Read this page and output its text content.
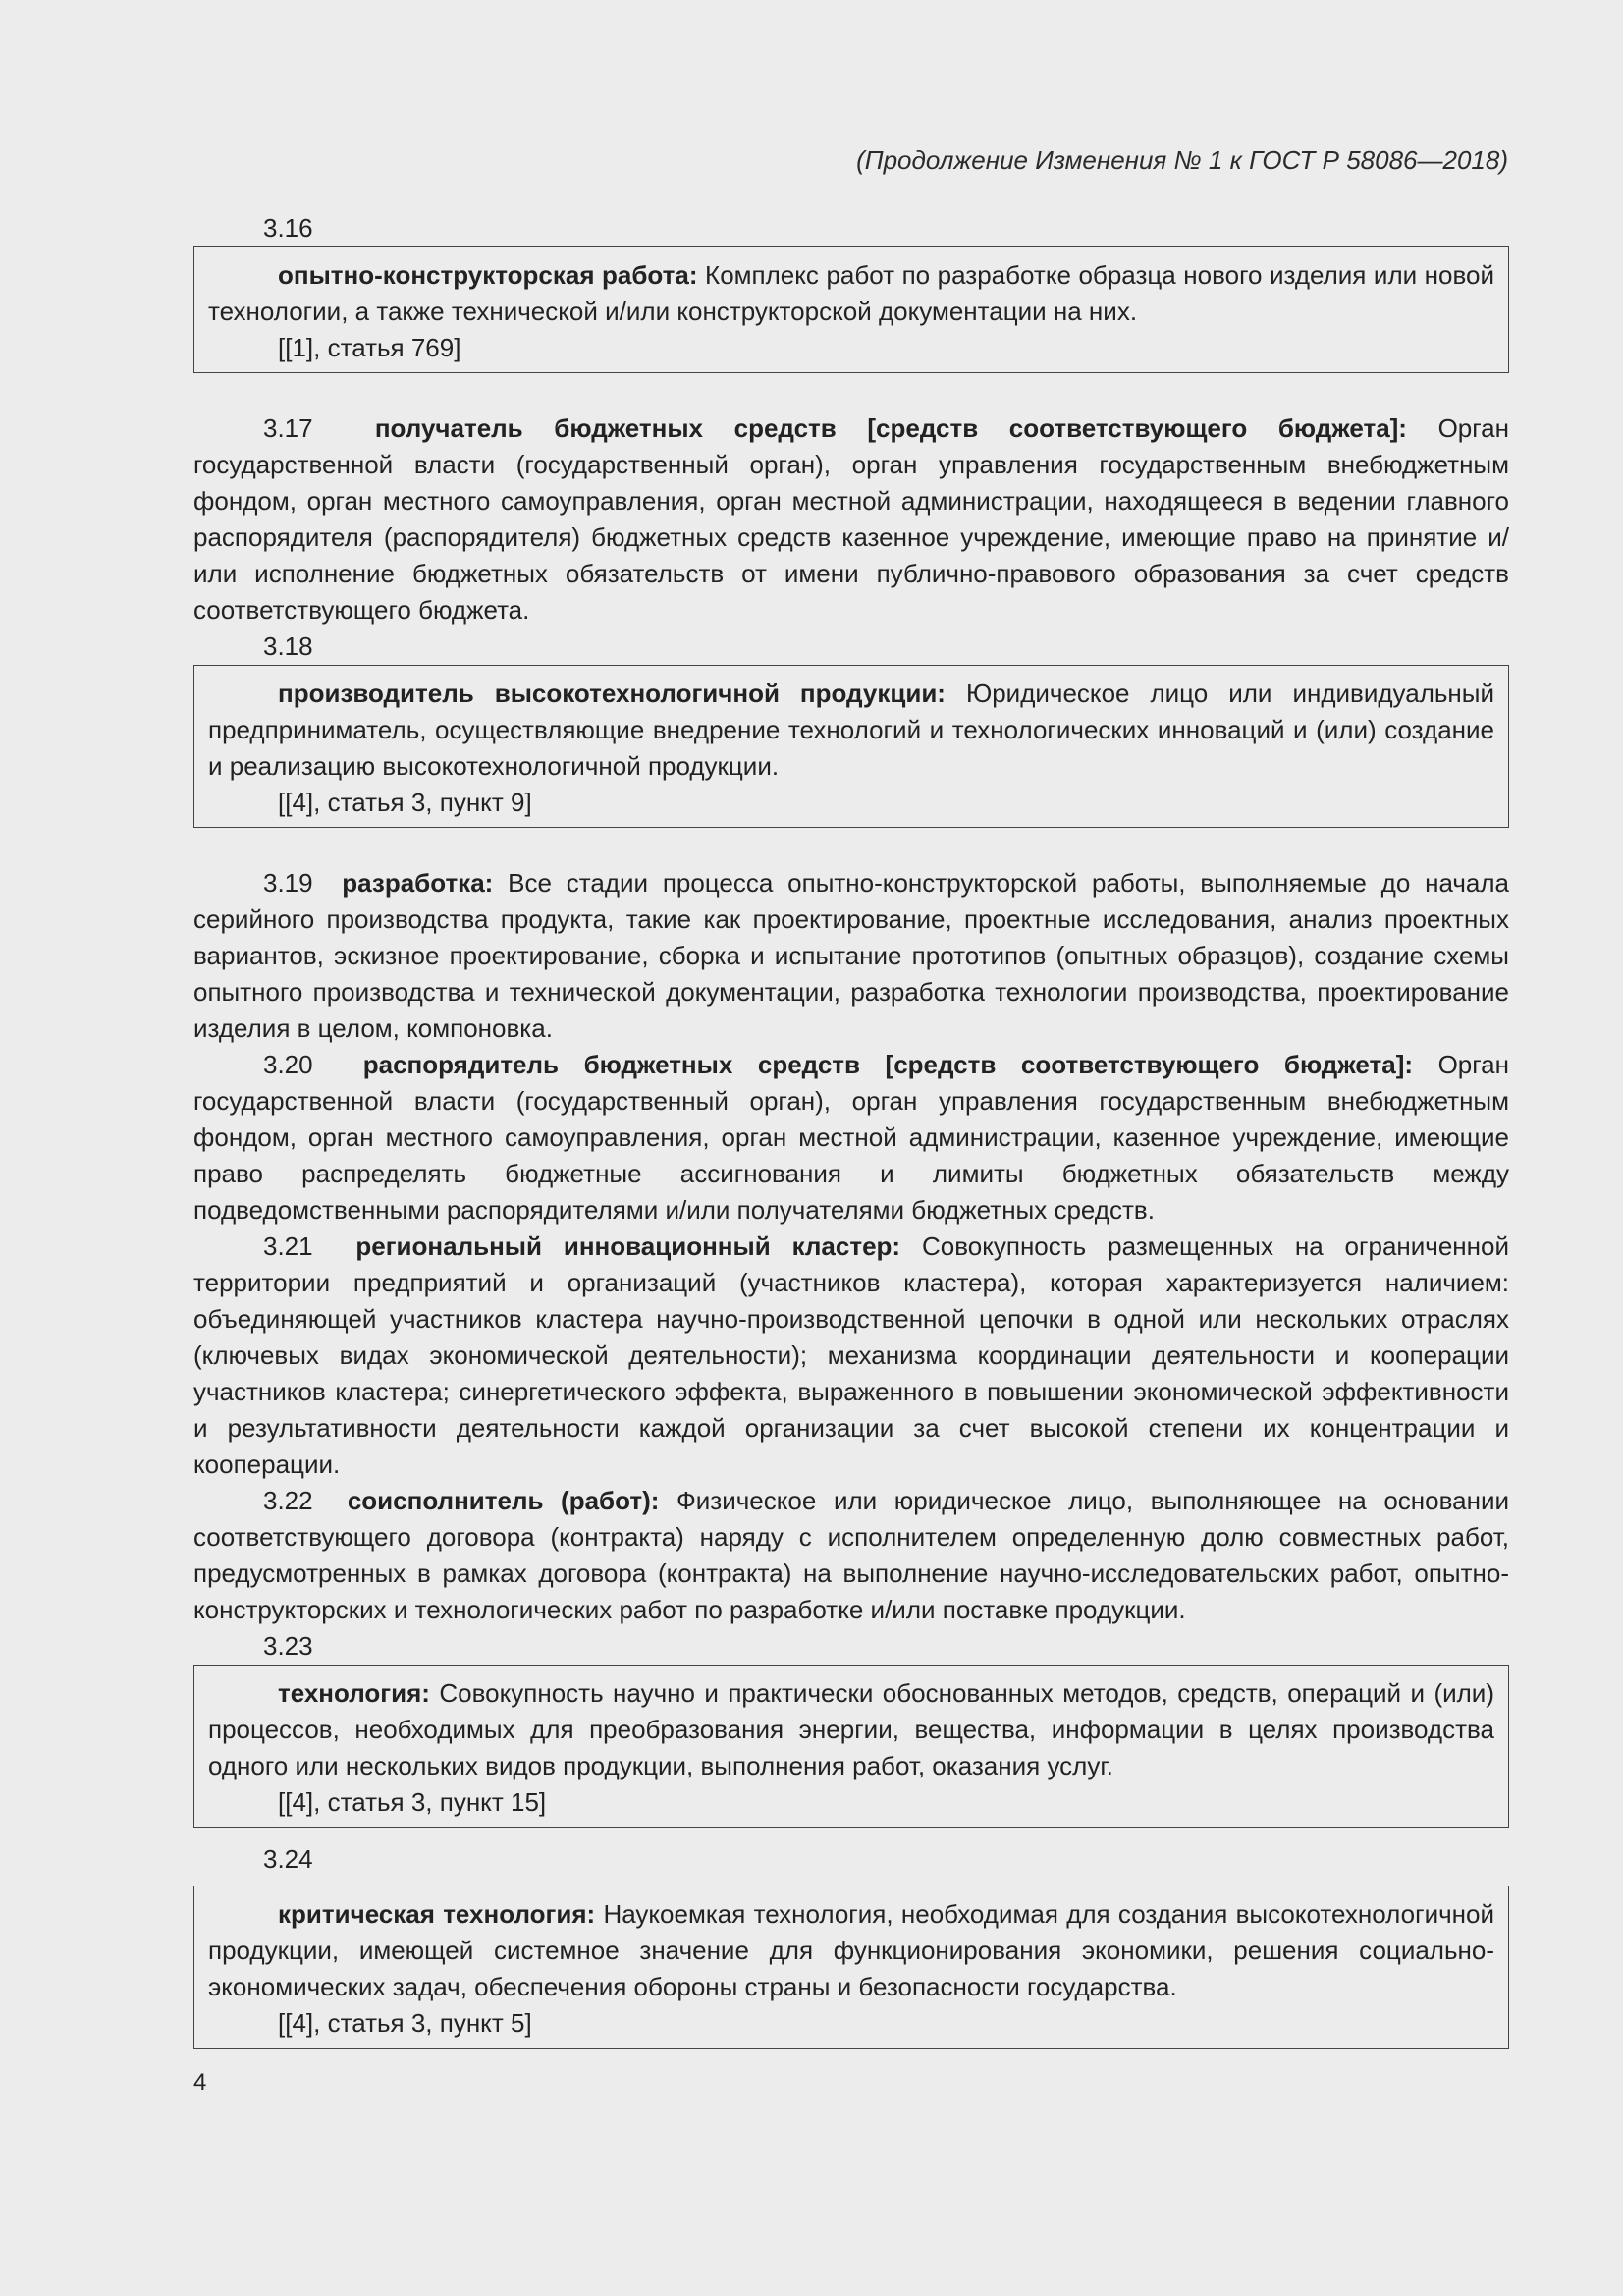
(Продолжение Изменения № 1 к ГОСТ Р 58086—2018)

3.16

опытно-конструкторская работа: Комплекс работ по разработке образца нового изделия или новой технологии, а также технической и/или конструкторской документации на них.

[[1], статья 769]

3.17 получатель бюджетных средств [средств соответствующего бюджета]: Орган государственной власти (государственный орган), орган управления государственным внебюджетным фондом, орган местного самоуправления, орган местной администрации, находящееся в ведении главного распорядителя (распорядителя) бюджетных средств казенное учреждение, имеющие право на принятие и/или исполнение бюджетных обязательств от имени публично-правового образования за счет средств соответствующего бюджета.

3.18

производитель высокотехнологичной продукции: Юридическое лицо или индивидуальный предприниматель, осуществляющие внедрение технологий и технологических инноваций и (или) создание и реализацию высокотехнологичной продукции.

[[4], статья 3, пункт 9]

3.19 разработка: Все стадии процесса опытно-конструкторской работы, выполняемые до начала серийного производства продукта, такие как проектирование, проектные исследования, анализ проектных вариантов, эскизное проектирование, сборка и испытание прототипов (опытных образцов), создание схемы опытного производства и технической документации, разработка технологии производства, проектирование изделия в целом, компоновка.

3.20 распорядитель бюджетных средств [средств соответствующего бюджета]: Орган государственной власти (государственный орган), орган управления государственным внебюджетным фондом, орган местного самоуправления, орган местной администрации, казенное учреждение, имеющие право распределять бюджетные ассигнования и лимиты бюджетных обязательств между подведомственными распорядителями и/или получателями бюджетных средств.

3.21 региональный инновационный кластер: Совокупность размещенных на ограниченной территории предприятий и организаций (участников кластера), которая характеризуется наличием: объединяющей участников кластера научно-производственной цепочки в одной или нескольких отраслях (ключевых видах экономической деятельности); механизма координации деятельности и кооперации участников кластера; синергетического эффекта, выраженного в повышении экономической эффективности и результативности деятельности каждой организации за счет высокой степени их концентрации и кооперации.

3.22 соисполнитель (работ): Физическое или юридическое лицо, выполняющее на основании соответствующего договора (контракта) наряду с исполнителем определенную долю совместных работ, предусмотренных в рамках договора (контракта) на выполнение научно-исследовательских работ, опытно-конструкторских и технологических работ по разработке и/или поставке продукции.

3.23

технология: Совокупность научно и практически обоснованных методов, средств, операций и (или) процессов, необходимых для преобразования энергии, вещества, информации в целях производства одного или нескольких видов продукции, выполнения работ, оказания услуг.

[[4], статья 3, пункт 15]

3.24

критическая технология: Наукоемкая технология, необходимая для создания высокотехнологичной продукции, имеющей системное значение для функционирования экономики, решения социально-экономических задач, обеспечения обороны страны и безопасности государства.

[[4], статья 3, пункт 5]

4
